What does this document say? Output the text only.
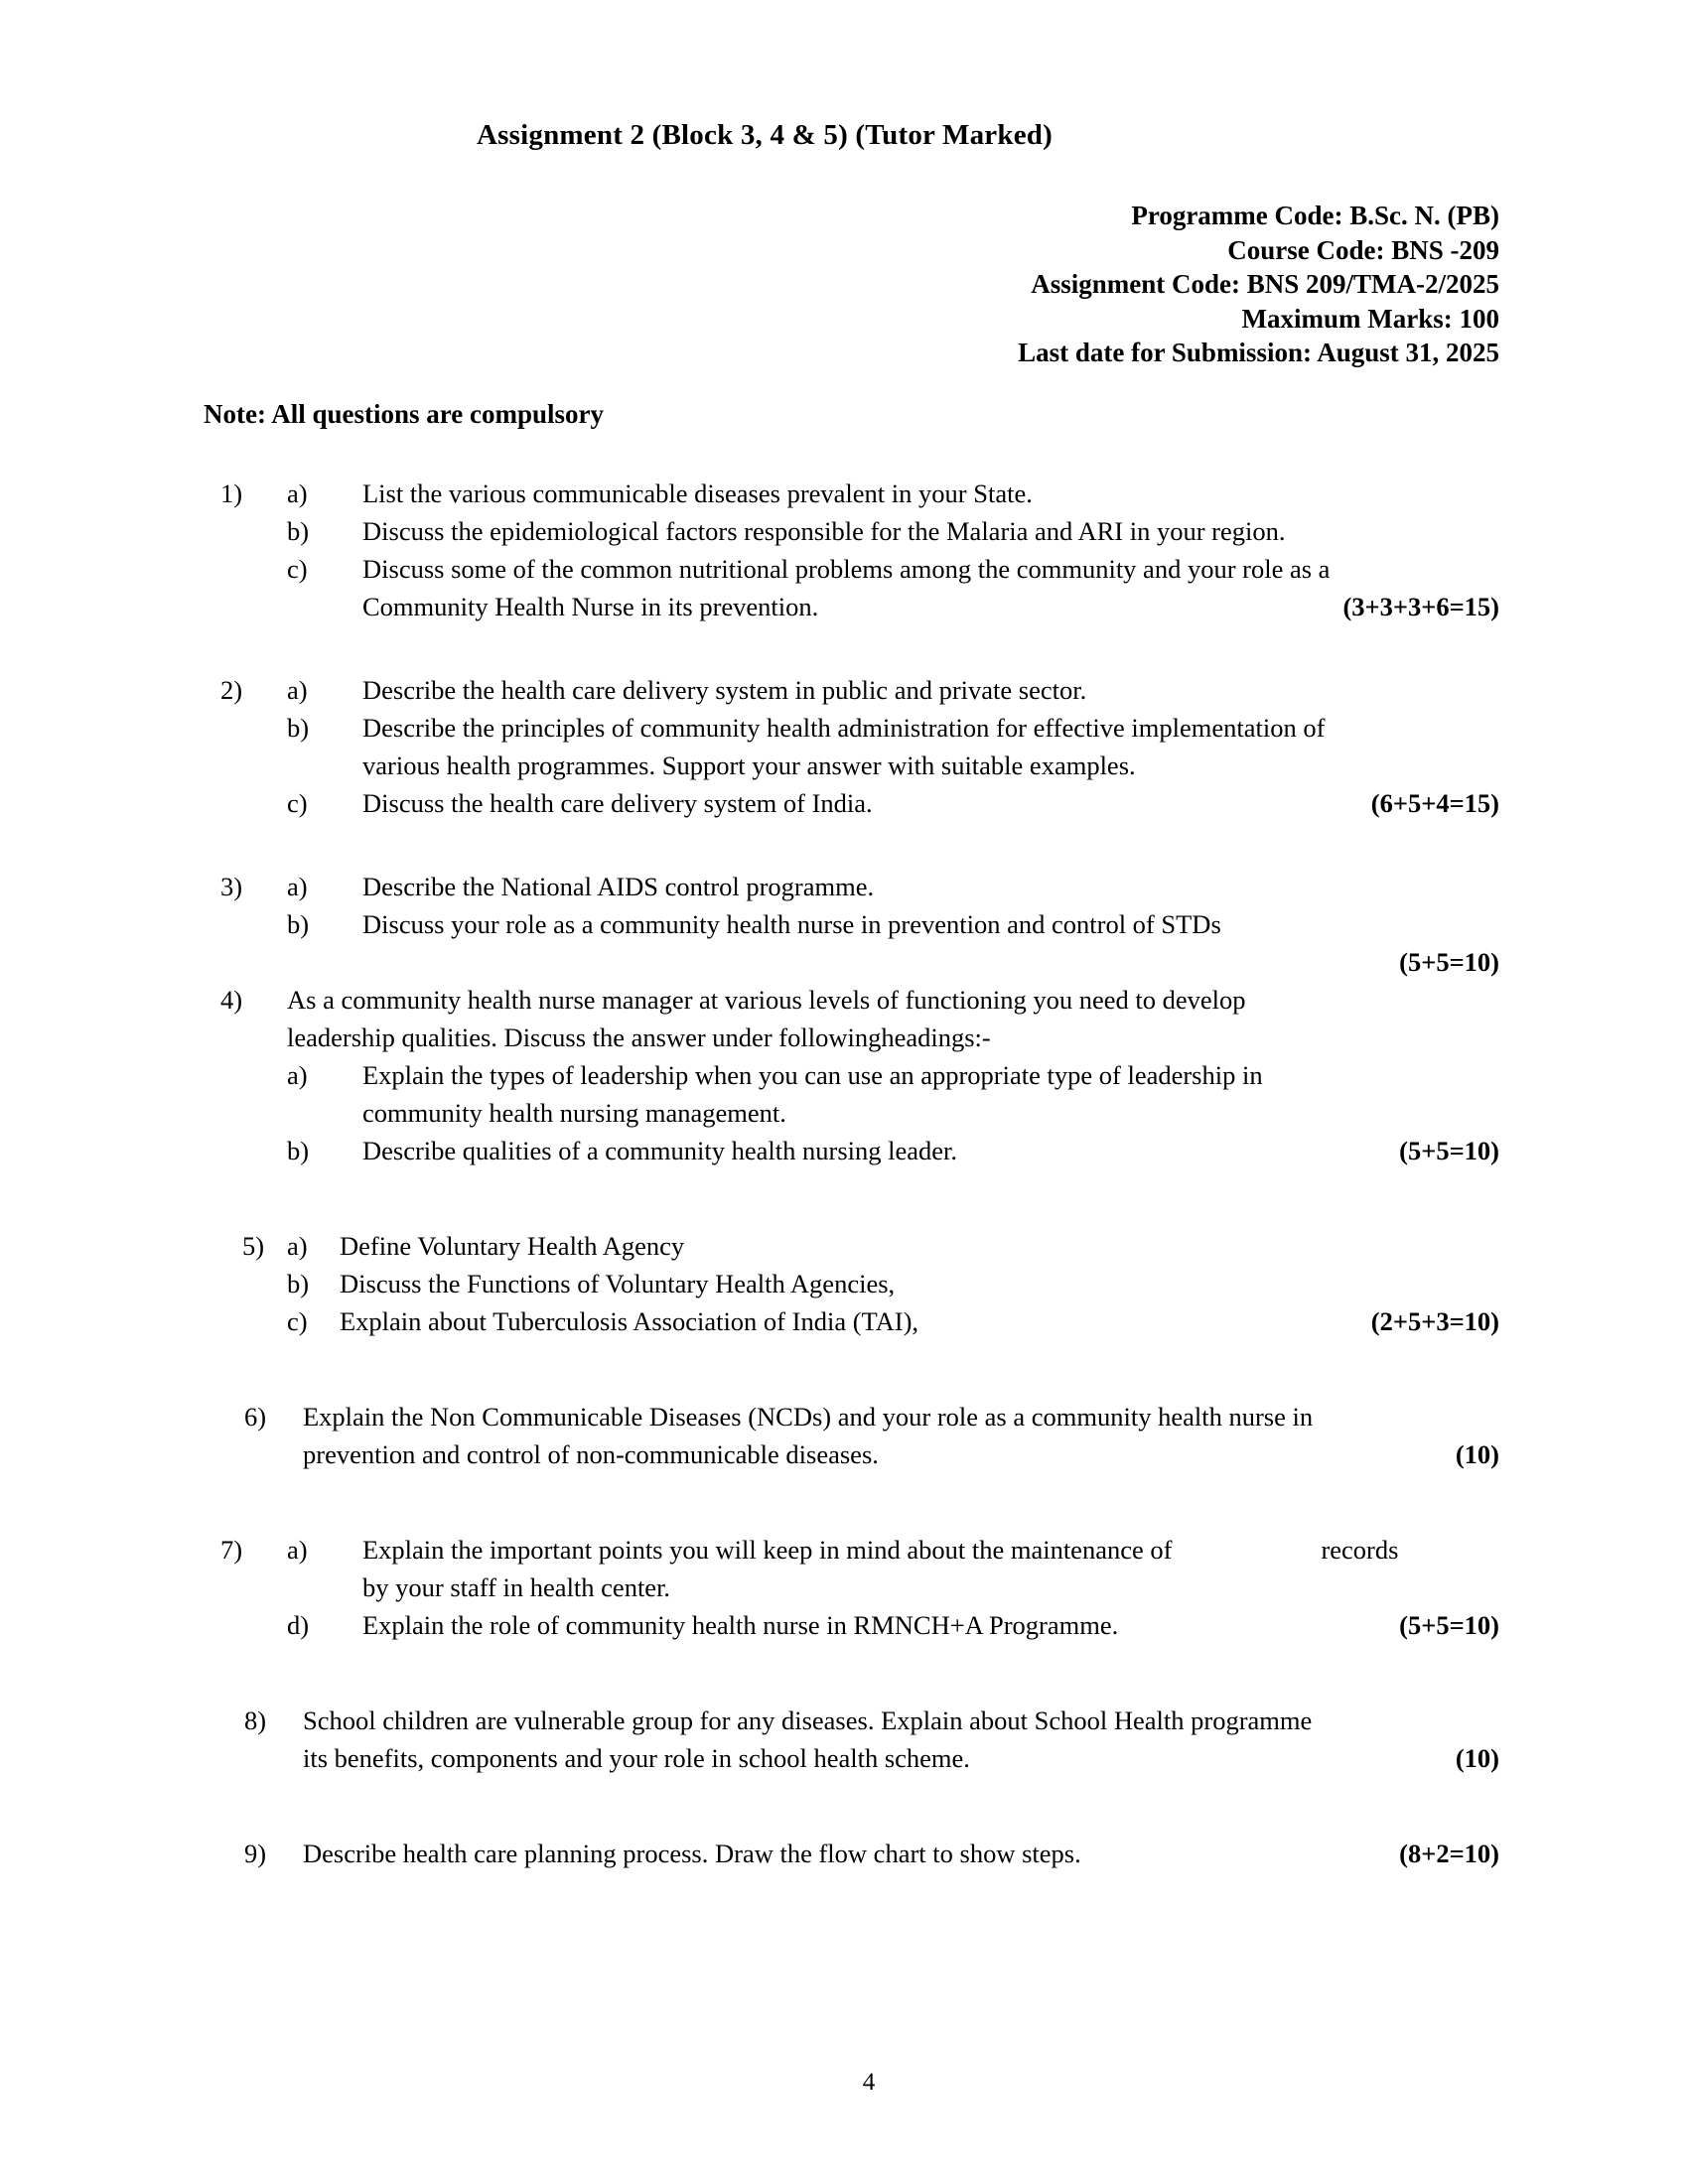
Assignment 2 (Block 3, 4 & 5) (Tutor Marked)
Programme Code: B.Sc. N. (PB)
Course Code: BNS -209
Assignment Code: BNS 209/TMA-2/2025
Maximum Marks: 100
Last date for Submission: August 31, 2025
Note: All questions are compulsory
1)	a)	List the various communicable diseases prevalent in your State.
b)	Discuss the epidemiological factors responsible for the Malaria and ARI in your region.
c)	Discuss some of the common nutritional problems among the community and your role as a
Community Health Nurse in its prevention.	(3+3+3+6=15)
2)	a)	Describe the health care delivery system in public and private sector.
b)	Describe the principles of community health administration for effective implementation of
various health programmes. Support your answer with suitable examples.
c)	Discuss the health care delivery system of India.	(6+5+4=15)
3)	a)	Describe the National AIDS control programme.
b)	Discuss your role as a community health nurse in prevention and control of STDs
(5+5=10)
4)	As a community health nurse manager at various levels of functioning you need to develop
leadership qualities. Discuss the answer under followingheadings:-
a)	Explain the types of leadership when you can use an appropriate type of leadership in
community health nursing management.
b)	Describe qualities of a community health nursing leader.	(5+5=10)
5) a)	Define Voluntary Health Agency
b)	Discuss the Functions of Voluntary Health Agencies,
c)	Explain about Tuberculosis Association of India (TAI),	(2+5+3=10)
6)	Explain the Non Communicable Diseases (NCDs) and your role as a community health nurse in
prevention and control of non-communicable diseases.	(10)
7)	a)	Explain the important points you will keep in mind about the maintenance of	records
by your staff in health center.
d)	Explain the role of community health nurse in RMNCH+A Programme.	(5+5=10)
8)	School children are vulnerable group for any diseases. Explain about School Health programme
its benefits, components and your role in school health scheme.	(10)
9)	Describe health care planning process. Draw the flow chart to show steps.	(8+2=10)
4
